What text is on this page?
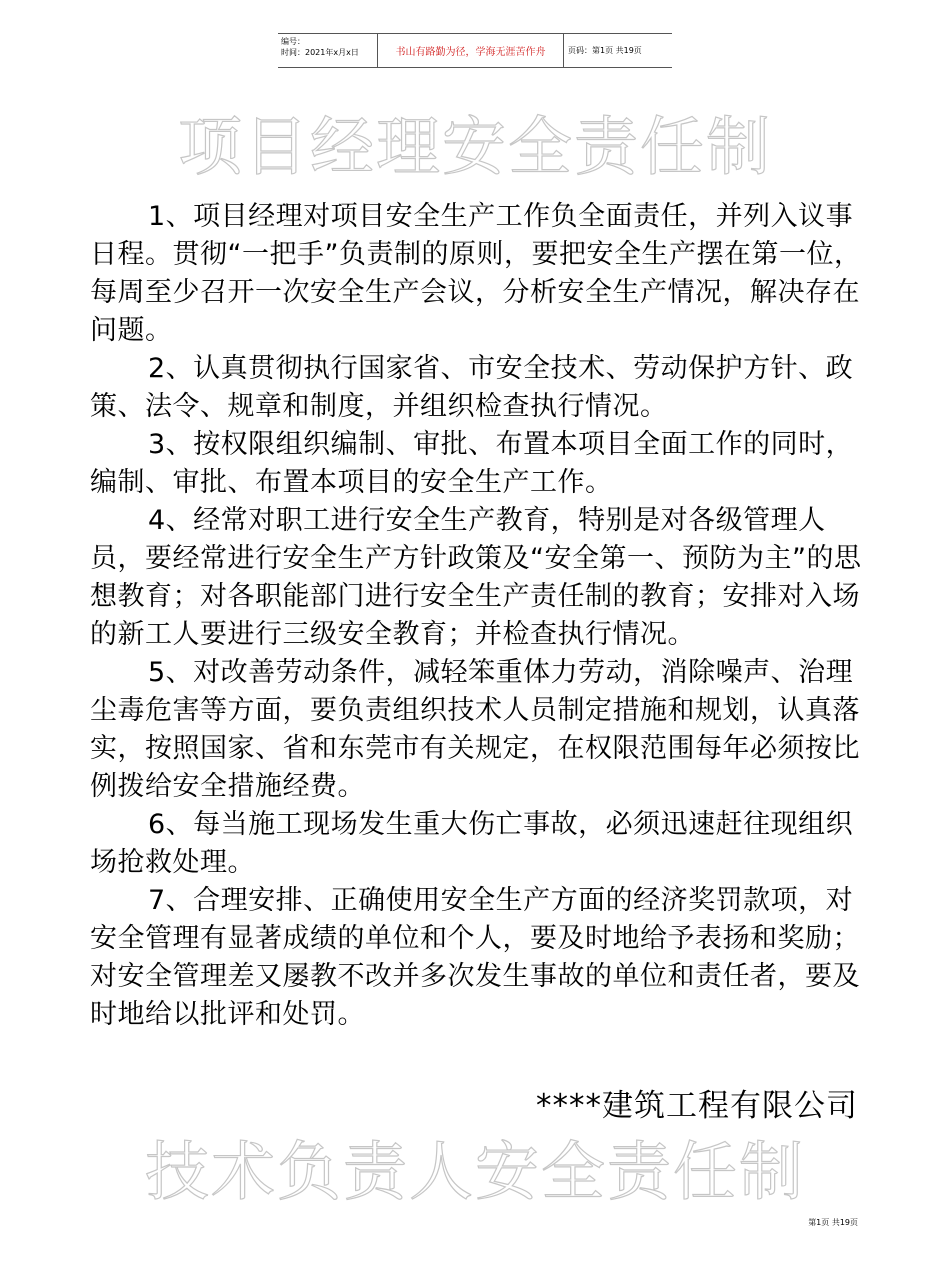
编号：
时间：2021年x月x日	书山有路勤为径，学海无涯苦作舟	页码：第1页 共19页
项目经理安全责任制

1、项目经理对项目安全生产工作负全面责任，并列入议事日程。贯彻“一把手”负责制的原则，要把安全生产摆在第一位，每周至少召开一次安全生产会议，分析安全生产情况，解决存在问题。

2、认真贯彻执行国家省、市安全技术、劳动保护方针、政策、法令、规章和制度，并组织检查执行情况。

3、按权限组织编制、审批、布置本项目全面工作的同时，编制、审批、布置本项目的安全生产工作。

4、经常对职工进行安全生产教育，特别是对各级管理人员，要经常进行安全生产方针政策及“安全第一、预防为主”的思想教育；对各职能部门进行安全生产责任制的教育；安排对入场的新工人要进行三级安全教育；并检查执行情况。

5、对改善劳动条件，减轻笨重体力劳动，消除噪声、治理尘毒危害等方面，要负责组织技术人员制定措施和规划，认真落实，按照国家、省和东莞市有关规定，在权限范围每年必须按比例拨给安全措施经费。

6、每当施工现场发生重大伤亡事故，必须迅速赶往现组织场抢救处理。

7、合理安排、正确使用安全生产方面的经济奖罚款项，对安全管理有显著成绩的单位和个人，要及时地给予表扬和奖励；对安全管理差又屡教不改并多次发生事故的单位和责任者，要及时地给以批评和处罚。

****建筑工程有限公司
技术负责人安全责任制
第1页 共19页
